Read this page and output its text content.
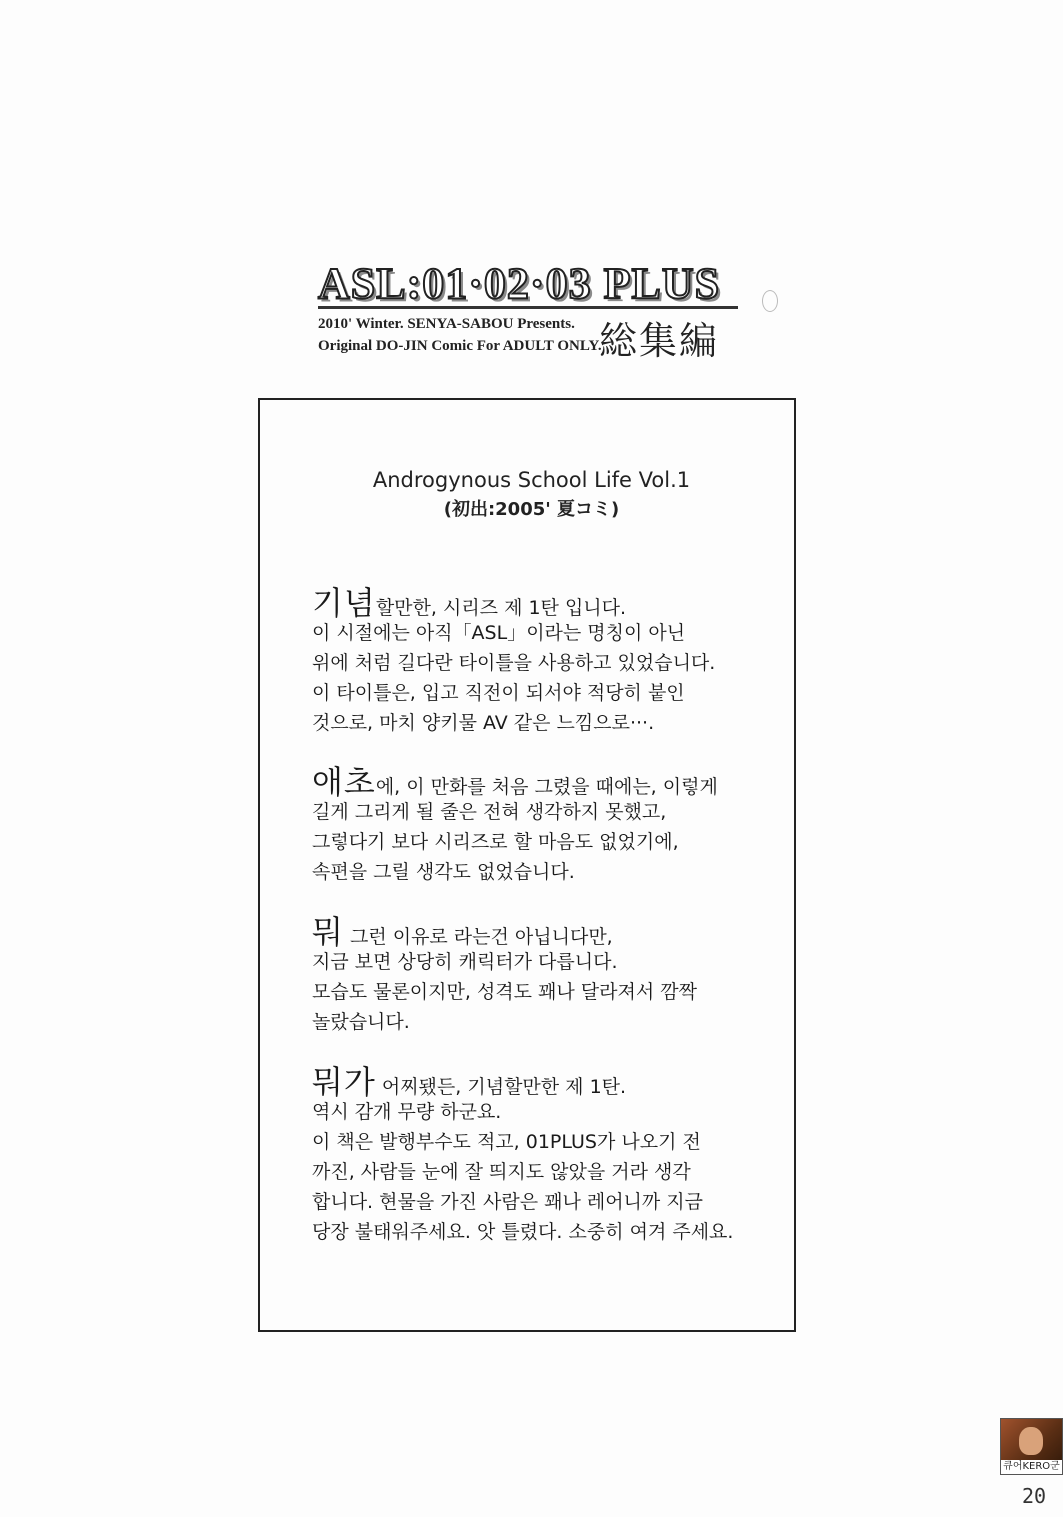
ASL:01·02·03 PLUS
2010' Winter. SENYA-SABOU Presents.
Original DO-JIN Comic For ADULT ONLY.
総集編
Androgynous School Life Vol.1
(初出:2005' 夏コミ)
기념할만한, 시리즈 제 1탄 입니다.
이 시절에는 아직「ASL」이라는 명칭이 아닌
위에 처럼 길다란 타이틀을 사용하고 있었습니다.
이 타이틀은, 입고 직전이 되서야 적당히 붙인
것으로, 마치 양키물 AV 같은 느낌으로···.
애초에, 이 만화를 처음 그렸을 때에는, 이렇게
길게 그리게 될 줄은 전혀 생각하지 못했고,
그렇다기 보다 시리즈로 할 마음도 없었기에,
속편을 그릴 생각도 없었습니다.
뭐 그런 이유로 라는건 아닙니다만,
지금 보면 상당히 캐릭터가 다릅니다.
모습도 물론이지만, 성격도 꽤나 달라져서 깜짝
놀랐습니다.
뭐가 어찌됐든, 기념할만한 제 1탄.
역시 감개 무량 하군요.
이 책은 발행부수도 적고, 01PLUS가 나오기 전
까진, 사람들 눈에 잘 띄지도 않았을 거라 생각
합니다. 현물을 가진 사람은 꽤나 레어니까 지금
당장 불태워주세요. 앗 틀렸다. 소중히 여겨 주세요.
큐어KERO군
20
